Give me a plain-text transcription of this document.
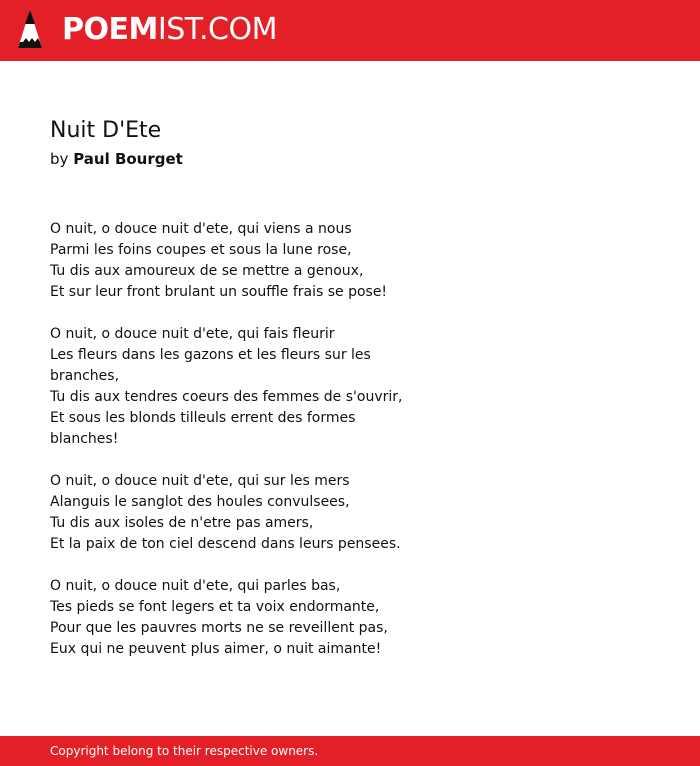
POEMIST.COM
Nuit D'Ete
by Paul Bourget
O nuit, o douce nuit d'ete, qui viens a nous
Parmi les foins coupes et sous la lune rose,
Tu dis aux amoureux de se mettre a genoux,
Et sur leur front brulant un souffle frais se pose!
O nuit, o douce nuit d'ete, qui fais fleurir
Les fleurs dans les gazons et les fleurs sur les
branches,
Tu dis aux tendres coeurs des femmes de s'ouvrir,
Et sous les blonds tilleuls errent des formes
blanches!
O nuit, o douce nuit d'ete, qui sur les mers
Alanguis le sanglot des houles convulsees,
Tu dis aux isoles de n'etre pas amers,
Et la paix de ton ciel descend dans leurs pensees.
O nuit, o douce nuit d'ete, qui parles bas,
Tes pieds se font legers et ta voix endormante,
Pour que les pauvres morts ne se reveillent pas,
Eux qui ne peuvent plus aimer, o nuit aimante!
Copyright belong to their respective owners.
